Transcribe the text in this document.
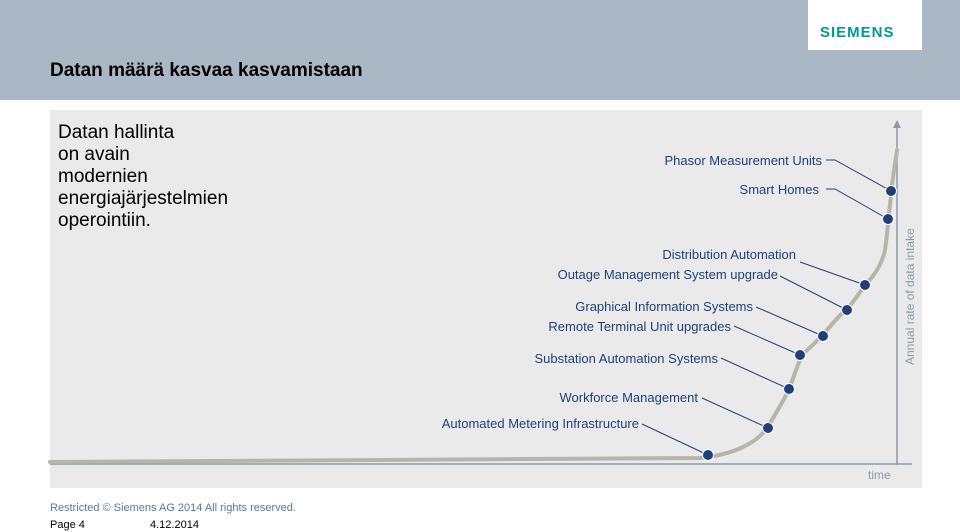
SIEMENS
Datan määrä kasvaa kasvamistaan
Datan hallinta
on avain
modernien
energiajärjestelmien
operointiin.
Phasor Measurement Units
Smart Homes
Distribution Automation
Outage Management System upgrade
Graphical Information Systems
Remote Terminal Unit upgrades
Substation Automation Systems
Workforce Management
Automated Metering Infrastructure
Annual rate of data intake
time
Restricted © Siemens AG 2014 All rights reserved.
Page 4	4.12.2014
